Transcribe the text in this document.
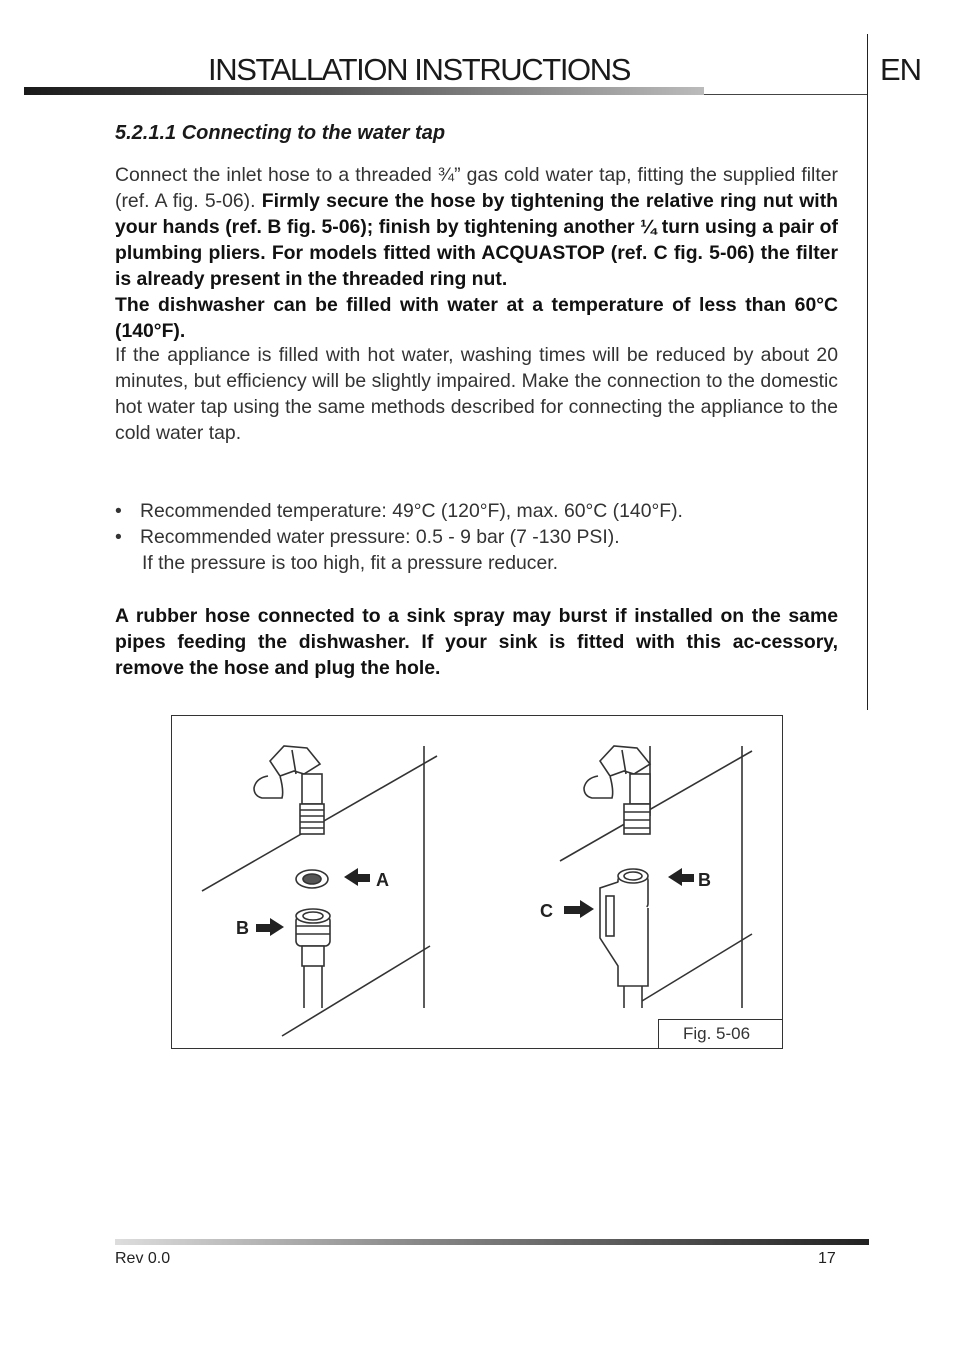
INSTALLATION INSTRUCTIONS	EN
5.2.1.1 Connecting to the water tap
Connect the inlet hose to a threaded ¾” gas cold water tap, fitting the supplied filter (ref. A fig. 5-06). Firmly secure the hose by tightening the relative ring nut with your hands (ref. B fig. 5-06); finish by tightening another ¼ turn using a pair of plumbing pliers. For models fitted with ACQUASTOP (ref. C fig. 5-06) the filter is already present in the threaded ring nut.
The dishwasher can be filled with water at a temperature of less than 60°C (140°F).
If the appliance is filled with hot water, washing times will be reduced by about 20 minutes, but efficiency will be slightly impaired. Make the connection to the domestic hot water tap using the same methods described for connecting the appliance to the cold water tap.
• Recommended temperature: 49°C (120°F), max. 60°C (140°F).
• Recommended water pressure: 0.5 - 9 bar (7 -130 PSI).
If the pressure is too high, fit a pressure reducer.
A rubber hose connected to a sink spray may burst if installed on the same pipes feeding the dishwasher. If your sink is fitted with this ac-cessory, remove the hose and plug the hole.
A
B
B
C
Fig. 5-06
Rev 0.0	17
